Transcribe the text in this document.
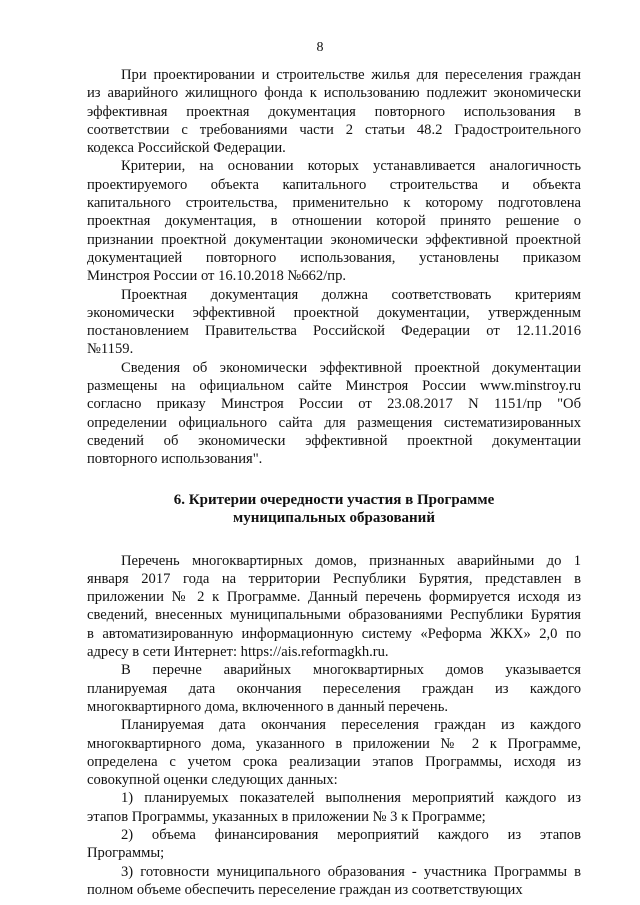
8
При проектировании и строительстве жилья для переселения граждан
из аварийного жилищного фонда к использованию подлежит экономически
эффективная проектная документация повторного использования в
соответствии с требованиями части 2 статьи 48.2 Градостроительного
кодекса Российской Федерации.
Критерии, на основании которых устанавливается аналогичность
проектируемого объекта капитального строительства и объекта
капитального строительства, применительно к которому подготовлена
проектная документация, в отношении которой принято решение о
признании проектной документации экономически эффективной проектной
документацией повторного использования, установлены приказом
Минстроя России от 16.10.2018 №662/пр.
Проектная документация должна соответствовать критериям
экономически эффективной проектной документации, утвержденным
постановлением Правительства Российской Федерации от 12.11.2016
№1159.
Сведения об экономически эффективной проектной документации
размещены на официальном сайте Минстроя России www.minstroy.ru
согласно приказу Минстроя России от 23.08.2017 N 1151/пр "Об
определении официального сайта для размещения систематизированных
сведений об экономически эффективной проектной документации
повторного использования".
6. Критерии очередности участия в Программе
муниципальных образований
Перечень многоквартирных домов, признанных аварийными до 1
января 2017 года на территории Республики Бурятия, представлен в
приложении № 2 к Программе. Данный перечень формируется исходя из
сведений, внесенных муниципальными образованиями Республики Бурятия
в автоматизированную информационную систему «Реформа ЖКХ» 2,0 по
адресу в сети Интернет: https://ais.reformagkh.ru.
В перечне аварийных многоквартирных домов указывается
планируемая дата окончания переселения граждан из каждого
многоквартирного дома, включенного в данный перечень.
Планируемая дата окончания переселения граждан из каждого
многоквартирного дома, указанного в приложении № 2 к Программе,
определена с учетом срока реализации этапов Программы, исходя из
совокупной оценки следующих данных:
1) планируемых показателей выполнения мероприятий каждого из
этапов Программы, указанных в приложении № 3 к Программе;
2) объема финансирования мероприятий каждого из этапов
Программы;
3) готовности муниципального образования - участника Программы в
полном объеме обеспечить переселение граждан из соответствующих
